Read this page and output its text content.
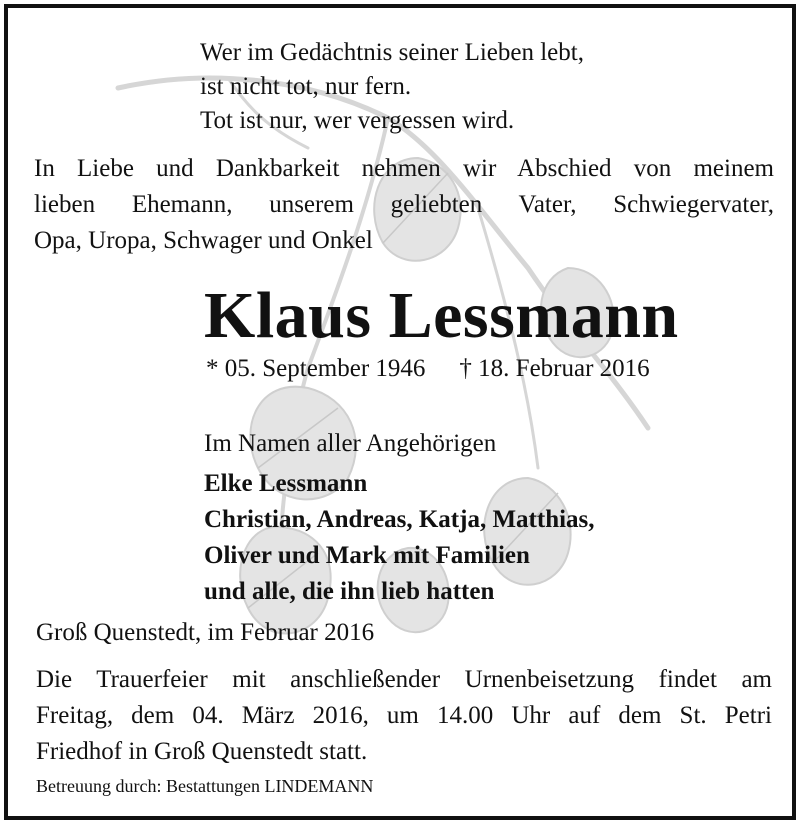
Wer im Gedächtnis seiner Lieben lebt,
ist nicht tot, nur fern.
Tot ist nur, wer vergessen wird.
In Liebe und Dankbarkeit nehmen wir Abschied von meinem
lieben Ehemann, unserem geliebten Vater, Schwiegervater,
Opa, Uropa, Schwager und Onkel
Klaus Lessmann
* 05. September 1946 † 18. Februar 2016
Im Namen aller Angehörigen
Elke Lessmann
Christian, Andreas, Katja, Matthias,
Oliver und Mark mit Familien
und alle, die ihn lieb hatten
Groß Quenstedt, im Februar 2016
Die Trauerfeier mit anschließender Urnenbeisetzung findet am
Freitag, dem 04. März 2016, um 14.00 Uhr auf dem St. Petri
Friedhof in Groß Quenstedt statt.
Betreuung durch: Bestattungen LINDEMANN
